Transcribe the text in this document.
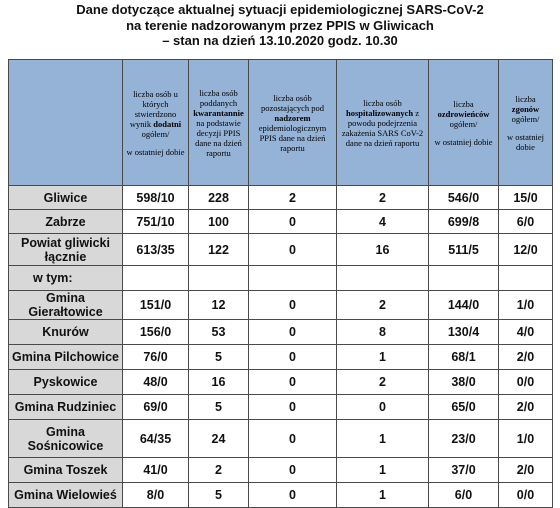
Dane dotyczące aktualnej sytuacji epidemiologicznej SARS-CoV-2
na terenie nadzorowanym przez PPIS w Gliwicach
– stan na dzień 13.10.2020 godz. 10.30
	liczba osób u których stwierdzono wynik dodatni ogółem/
w ostatniej dobie	liczba osób poddanych kwarantannie na podstawie decyzji PPIS dane na dzień raportu	liczba osób pozostających pod nadzorem epidemiologicznym PPIS dane na dzień raportu	liczba osób hospitalizowanych z powodu podejrzenia zakażenia SARS CoV-2 dane na dzień raportu	liczba ozdrowieńców ogółem/
w ostatniej dobie	liczba zgonów ogółem/
w ostatniej dobie

Gliwice	598/10	228	2	2	546/0	15/0
Zabrze	751/10	100	0	4	699/8	6/0
Powiat gliwicki łącznie	613/35	122	0	16	511/5	12/0
w tym:						
Gmina Gierałtowice	151/0	12	0	2	144/0	1/0
Knurów	156/0	53	0	8	130/4	4/0
Gmina Pilchowice	76/0	5	0	1	68/1	2/0
Pyskowice	48/0	16	0	2	38/0	0/0
Gmina Rudziniec	69/0	5	0	0	65/0	2/0
Gmina Sośnicowice	64/35	24	0	1	23/0	1/0
Gmina Toszek	41/0	2	0	1	37/0	2/0
Gmina Wielowieś	8/0	5	0	1	6/0	0/0
